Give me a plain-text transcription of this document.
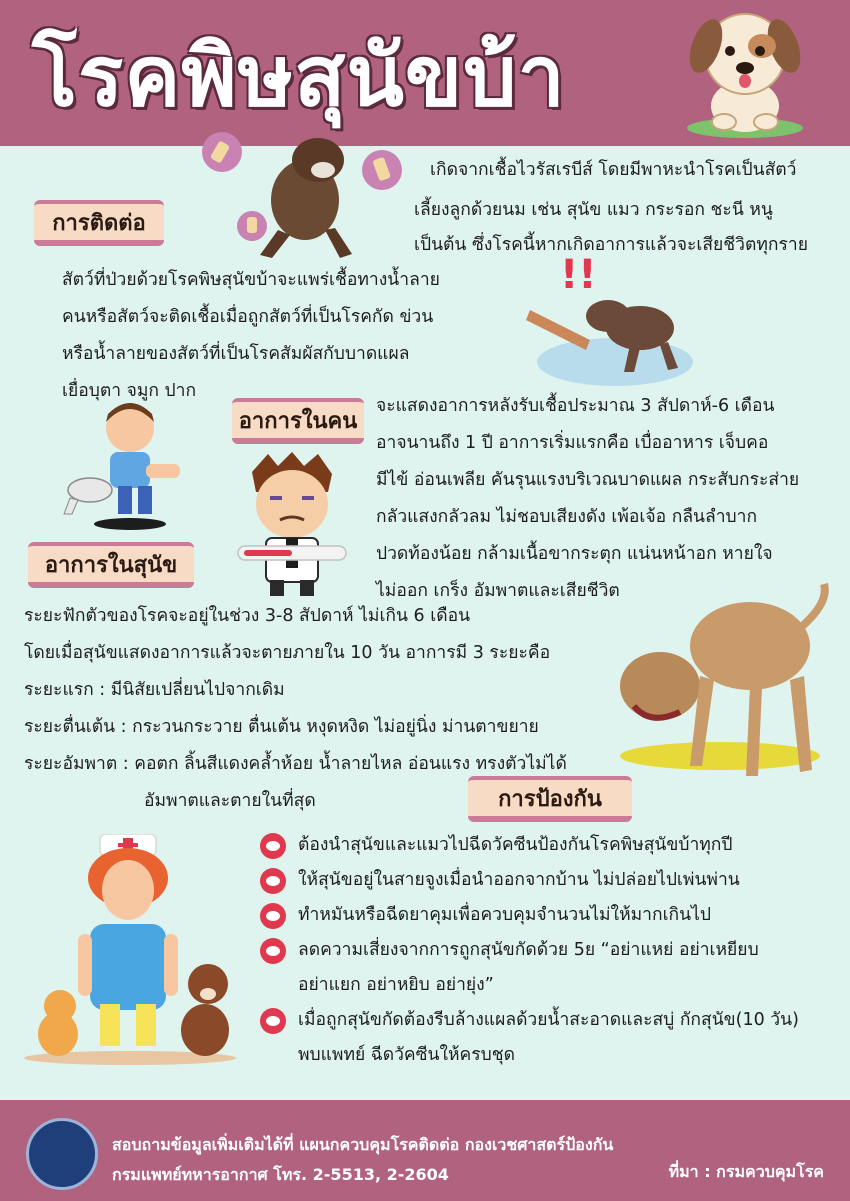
โรคพิษสุนัขบ้า
เกิดจากเชื้อไวรัสเรบีส์ โดยมีพาหะนำโรคเป็นสัตว์
เลี้ยงลูกด้วยนม เช่น สุนัข แมว กระรอก ชะนี หนู
เป็นต้น ซึ่งโรคนี้หากเกิดอาการแล้วจะเสียชีวิตทุกราย
การติดต่อ

สัตว์ที่ป่วยด้วยโรคพิษสุนัขบ้าจะแพร่เชื้อทางน้ำลาย

คนหรือสัตว์จะติดเชื้อเมื่อถูกสัตว์ที่เป็นโรคกัด ข่วน

หรือน้ำลายของสัตว์ที่เป็นโรคสัมผัสกับบาดแผล

เยื่อบุตา จมูก ปาก

!!
อาการในคน

จะแสดงอาการหลังรับเชื้อประมาณ 3 สัปดาห์-6 เดือน

อาจนานถึง 1 ปี อาการเริ่มแรกคือ เบื่ออาหาร เจ็บคอ

มีไข้ อ่อนเพลีย คันรุนแรงบริเวณบาดแผล กระสับกระส่าย

กลัวแสงกลัวลม ไม่ชอบเสียงดัง เพ้อเจ้อ กลืนลำบาก

ปวดท้องน้อย กล้ามเนื้อขากระตุก แน่นหน้าอก หายใจ

ไม่ออก เกร็ง อัมพาตและเสียชีวิต

อาการในสุนัข

ระยะฟักตัวของโรคจะอยู่ในช่วง 3-8 สัปดาห์ ไม่เกิน 6 เดือน

โดยเมื่อสุนัขแสดงอาการแล้วจะตายภายใน 10 วัน อาการมี 3 ระยะคือ

ระยะแรก : มีนิสัยเปลี่ยนไปจากเดิม

ระยะตื่นเต้น : กระวนกระวาย ตื่นเต้น หงุดหงิด ไม่อยู่นิ่ง ม่านตาขยาย

ระยะอัมพาต : คอตก ลิ้นสีแดงคล้ำห้อย น้ำลายไหล อ่อนแรง ทรงตัวไม่ได้

อัมพาตและตายในที่สุด	การป้องกัน
ต้องนำสุนัขและแมวไปฉีดวัคซีนป้องกันโรคพิษสุนัขบ้าทุกปี
ให้สุนัขอยู่ในสายจูงเมื่อนำออกจากบ้าน ไม่ปล่อยไปเพ่นพ่าน
ทำหมันหรือฉีดยาคุมเพื่อควบคุมจำนวนไม่ให้มากเกินไป
ลดความเสี่ยงจากการถูกสุนัขกัดด้วย 5ย “อย่าแหย่ อย่าเหยียบ
อย่าแยก อย่าหยิบ อย่ายุ่ง”
เมื่อถูกสุนัขกัดต้องรีบล้างแผลด้วยน้ำสะอาดและสบู่ กักสุนัข(10 วัน)
พบแพทย์ ฉีดวัคซีนให้ครบชุด

สอบถามข้อมูลเพิ่มเติมได้ที่ แผนกควบคุมโรคติดต่อ กองเวชศาสตร์ป้องกัน

กรมแพทย์ทหารอากาศ โทร. 2-5513, 2-2604	ที่มา : กรมควบคุมโรค
